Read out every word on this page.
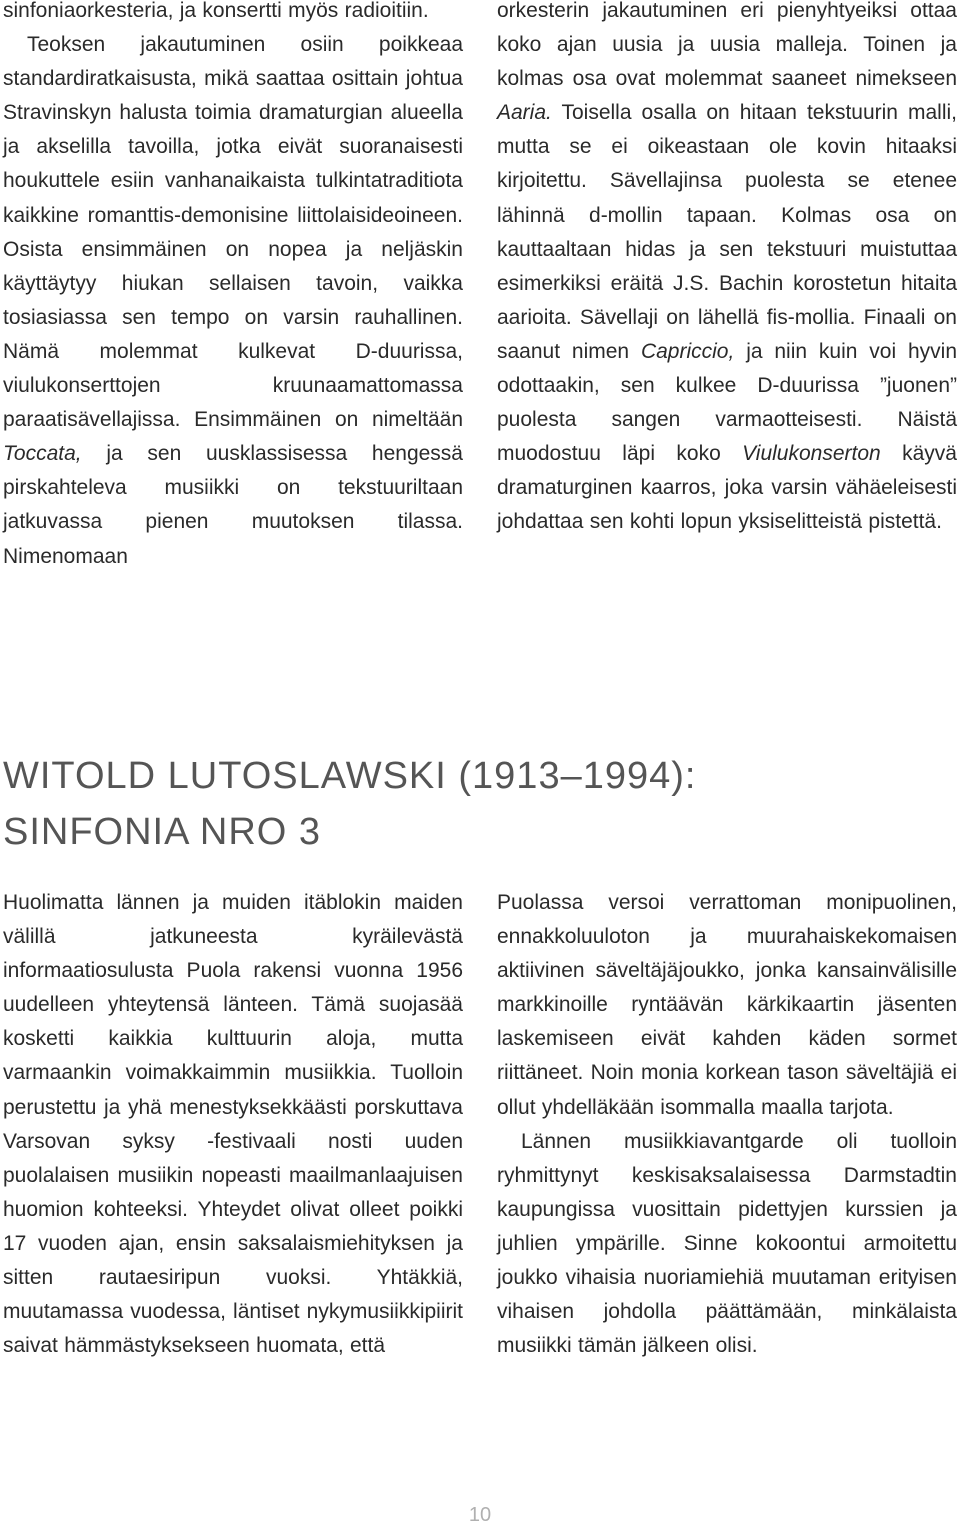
sinfoniaorkesteria, ja konsertti myös radioitiin.

Teoksen jakautuminen osiin poikkeaa standardiratkaisusta, mikä saattaa osittain johtua Stravinskyn halusta toimia dramaturgian alueella ja akselilla tavoilla, jotka eivät suoranaisesti houkuttele esiin vanhanaikaista tulkintatraditiota kaikkine romanttis-demonisine liittolaisideoineen. Osista ensimmäinen on nopea ja neljäskin käyttäytyy hiukan sellaisen tavoin, vaikka tosiasiassa sen tempo on varsin rauhallinen. Nämä molemmat kulkevat D-duurissa, viulukonserttojen kruunaamattomassa paraatisävellajissa. Ensimmäinen on nimeltään Toccata, ja sen uusklassisessa hengessä pirskahteleva musiikki on tekstuuriltaan jatkuvassa pienen muutoksen tilassa. Nimenomaan

orkesterin jakautuminen eri pienyhtyeiksi ottaa koko ajan uusia ja uusia malleja. Toinen ja kolmas osa ovat molemmat saaneet nimekseen Aaria. Toisella osalla on hitaan tekstuurin malli, mutta se ei oikeastaan ole kovin hitaaksi kirjoitettu. Sävellajinsa puolesta se etenee lähinnä d-mollin tapaan. Kolmas osa on kauttaaltaan hidas ja sen tekstuuri muistuttaa esimerkiksi eräitä J.S. Bachin korostetun hitaita aarioita. Sävellaji on lähellä fis-mollia. Finaali on saanut nimen Capriccio, ja niin kuin voi hyvin odottaakin, sen kulkee D-duurissa ”juonen” puolesta sangen varmaotteisesti. Näistä muodostuu läpi koko Viulukonserton käyvä dramaturginen kaarros, joka varsin vähäeleisesti johdattaa sen kohti lopun yksiselitteistä pistettä.

WITOLD LUTOSLAWSKI (1913–1994):
SINFONIA NRO 3

Huolimatta lännen ja muiden itäblokin maiden välillä jatkuneesta kyräilevästä informaatiosulusta Puola rakensi vuonna 1956 uudelleen yhteytensä länteen. Tämä suojasää kosketti kaikkia kulttuurin aloja, mutta varmaankin voimakkaimmin musiikkia. Tuolloin perustettu ja yhä menestyksekkäästi porskuttava Varsovan syksy -festivaali nosti uuden puolalaisen musiikin nopeasti maailmanlaajuisen huomion kohteeksi. Yhteydet olivat olleet poikki 17 vuoden ajan, ensin saksalaismiehityksen ja sitten rautaesiripun vuoksi. Yhtäkkiä, muutamassa vuodessa, läntiset nykymusiikkipiirit saivat hämmästyksekseen huomata, että

Puolassa versoi verrattoman monipuolinen, ennakkoluuloton ja muurahaiskekomaisen aktiivinen säveltäjäjoukko, jonka kansainvälisille markkinoille ryntäävän kärkikaartin jäsenten laskemiseen eivät kahden käden sormet riittäneet. Noin monia korkean tason säveltäjiä ei ollut yhdelläkään isommalla maalla tarjota.

Lännen musiikkiavantgarde oli tuolloin ryhmittynyt keskisaksalaisessa Darmstadtin kaupungissa vuosittain pidettyjen kurssien ja juhlien ympärille. Sinne kokoontui armoitettu joukko vihaisia nuoriamiehiä muutaman erityisen vihaisen johdolla päättämään, minkälaista musiikki tämän jälkeen olisi.

10
